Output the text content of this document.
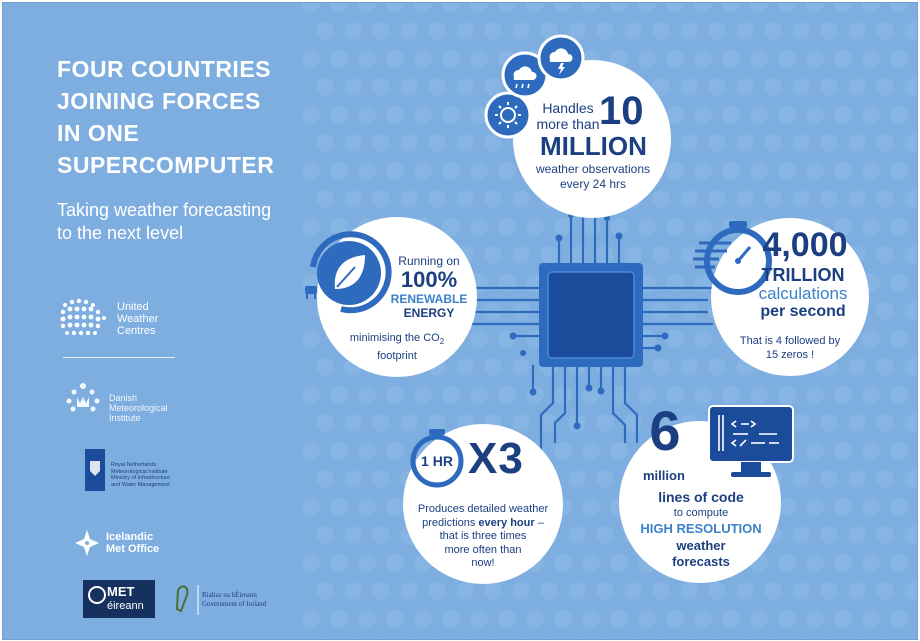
FOUR COUNTRIES
JOINING FORCES
IN ONE
SUPERCOMPUTER
Taking weather forecasting
to the next level
Handles
more than 10
MILLION
weather observations
every 24 hrs
Running on
100%
RENEWABLE
ENERGY
minimising the $CO_2$
footprint
4,000
TRILLION
calculations
per second
That is 4 followed by
15 zeros !
1 HR X3
Produces detailed weather
predictions every hour –
that is three times
more often than
now!
6
million
lines of code
to compute
HIGH RESOLUTION
weather
forecasts
United
Weather
Centres
Danish
Meteorological
Institute
Royal Netherlands
Meteorological Institute
Ministry of Infrastructure
and Water Management
Icelandic
Met Office
MET
éireann
Rialtas na hÉireann
Government of Ireland
